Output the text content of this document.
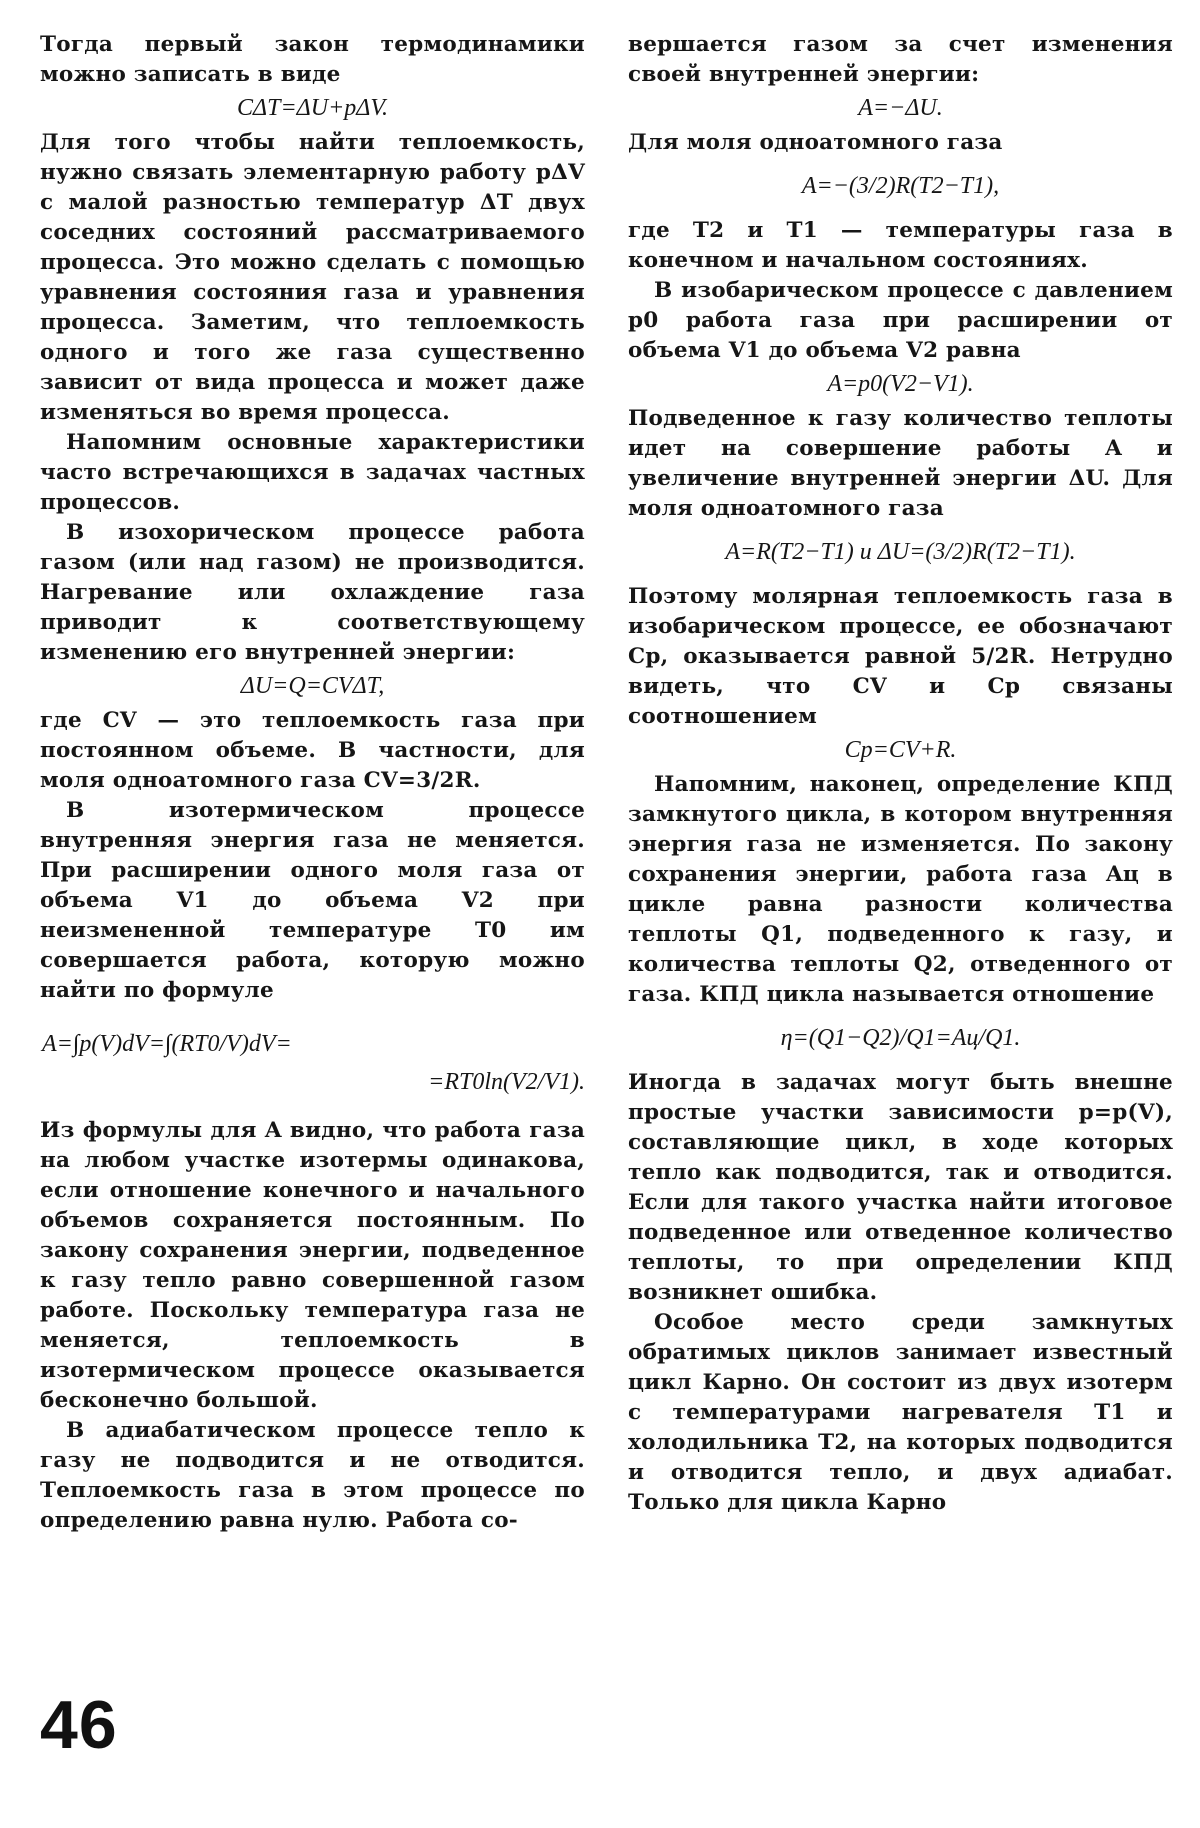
Тогда первый закон термодинамики можно записать в виде

CΔT=ΔU+pΔV.

Для того чтобы найти теплоемкость, нужно связать элементарную работу pΔV с малой разностью температур ΔT двух соседних состояний рассматриваемого процесса. Это можно сделать с помощью уравнения состояния газа и уравнения процесса. Заметим, что теплоемкость одного и того же газа существенно зависит от вида процесса и может даже изменяться во время процесса.

Напомним основные характеристики часто встречающихся в задачах частных процессов.

В изохорическом процессе работа газом (или над газом) не производится. Нагревание или охлаждение газа приводит к соответствующему изменению его внутренней энергии:

ΔU=Q=CVΔT,

где CV — это теплоемкость газа при постоянном объеме. В частности, для моля одноатомного газа CV=3/2R.

В изотермическом процессе внутренняя энергия газа не меняется. При расширении одного моля газа от объема V1 до объема V2 при неизмененной температуре T0 им совершается работа, которую можно найти по формуле

A=∫p(V)dV=∫(RT0/V)dV=
=RT0ln(V2/V1).

Из формулы для A видно, что работа газа на любом участке изотермы одинакова, если отношение конечного и начального объемов сохраняется постоянным. По закону сохранения энергии, подведенное к газу тепло равно совершенной газом работе. Поскольку температура газа не меняется, теплоемкость в изотермическом процессе оказывается бесконечно большой.

В адиабатическом процессе тепло к газу не подводится и не отводится. Теплоемкость газа в этом процессе по определению равна нулю. Работа со-

вершается газом за счет изменения своей внутренней энергии:

A=−ΔU.

Для моля одноатомного газа

A=−(3/2)R(T2−T1),

где T2 и T1 — температуры газа в конечном и начальном состояниях.

В изобарическом процессе с давлением p0 работа газа при расширении от объема V1 до объема V2 равна

A=p0(V2−V1).

Подведенное к газу количество теплоты идет на совершение работы A и увеличение внутренней энергии ΔU. Для моля одноатомного газа

A=R(T2−T1) и ΔU=(3/2)R(T2−T1).

Поэтому молярная теплоемкость газа в изобарическом процессе, ее обозначают Cp, оказывается равной 5/2R. Нетрудно видеть, что CV и Cp связаны соотношением

Cp=CV+R.

Напомним, наконец, определение КПД замкнутого цикла, в котором внутренняя энергия газа не изменяется. По закону сохранения энергии, работа газа Aц в цикле равна разности количества теплоты Q1, подведенного к газу, и количества теплоты Q2, отведенного от газа. КПД цикла называется отношение

η=(Q1−Q2)/Q1=Aц/Q1.

Иногда в задачах могут быть внешне простые участки зависимости p=p(V), составляющие цикл, в ходе которых тепло как подводится, так и отводится. Если для такого участка найти итоговое подведенное или отведенное количество теплоты, то при определении КПД возникнет ошибка.

Особое место среди замкнутых обратимых циклов занимает известный цикл Карно. Он состоит из двух изотерм с температурами нагревателя T1 и холодильника T2, на которых подводится и отводится тепло, и двух адиабат. Только для цикла Карно

46
